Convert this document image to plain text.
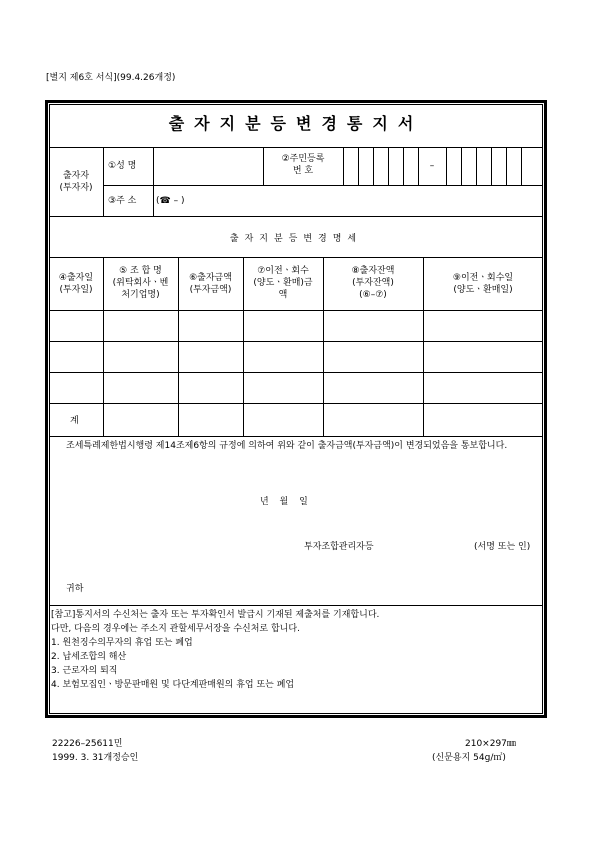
[별지 제6호 서식](99.4.26개정)
출자지분등변경통지서
출자자
(투자자)
①성 명
②주민등록
번 호	–
③주 소 (☎ – )
출자지분등변경명세
④출자일
(투자일)
⑤ 조 합 명
(위탁회사ㆍ벤
처기업명)
⑥출자금액
(투자금액)
⑦이전ㆍ회수
(양도ㆍ환매)금
액
⑧출자잔액
(투자잔액)
(⑥–⑦)
⑨이전ㆍ회수일
(양도ㆍ환매일)
계
조세특례제한법시행령 제14조제6항의 규정에 의하여 위와 같이 출자금액(투자금액)이 변경되었음을 통보합니다.
년 월 일
투자조합관리자등	(서명 또는 인)
귀하
[참고]통지서의 수신처는 출자 또는 투자확인서 발급시 기재된 제출처를 기재합니다.
다만, 다음의 경우에는 주소지 관할세무서장을 수신처로 합니다.
1. 원천징수의무자의 휴업 또는 폐업
2. 납세조합의 해산
3. 근로자의 퇴직
4. 보험모집인ㆍ방문판매원 및 다단계판매원의 휴업 또는 폐업
22226–25611민
1999. 3. 31개정승인
210×297㎜
(신문용지 54g/㎡)
